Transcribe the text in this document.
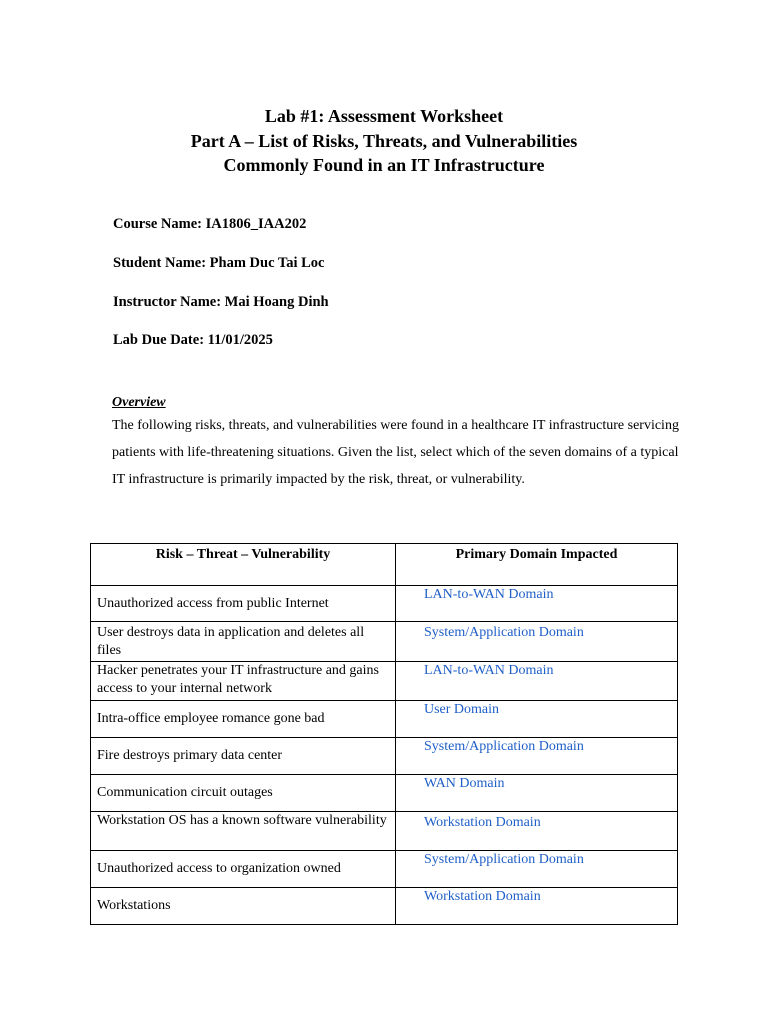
Lab #1: Assessment Worksheet
Part A – List of Risks, Threats, and Vulnerabilities
Commonly Found in an IT Infrastructure
Course Name: IA1806_IAA202
Student Name: Pham Duc Tai Loc
Instructor Name: Mai Hoang Dinh
Lab Due Date: 11/01/2025
Overview
The following risks, threats, and vulnerabilities were found in a healthcare IT infrastructure servicing patients with life-threatening situations. Given the list, select which of the seven domains of a typical IT infrastructure is primarily impacted by the risk, threat, or vulnerability.
Risk – Threat – Vulnerability	Primary Domain Impacted
Unauthorized access from public Internet	LAN-to-WAN Domain

User destroys data in application and deletes all files	System/Application Domain

Hacker penetrates your IT infrastructure and gains access to your internal network	LAN-to-WAN Domain

Intra-office employee romance gone bad	User Domain

Fire destroys primary data center	System/Application Domain

Communication circuit outages	WAN Domain

Workstation OS has a known software vulnerability	Workstation Domain

Unauthorized access to organization owned	System/Application Domain

Workstations	Workstation Domain
